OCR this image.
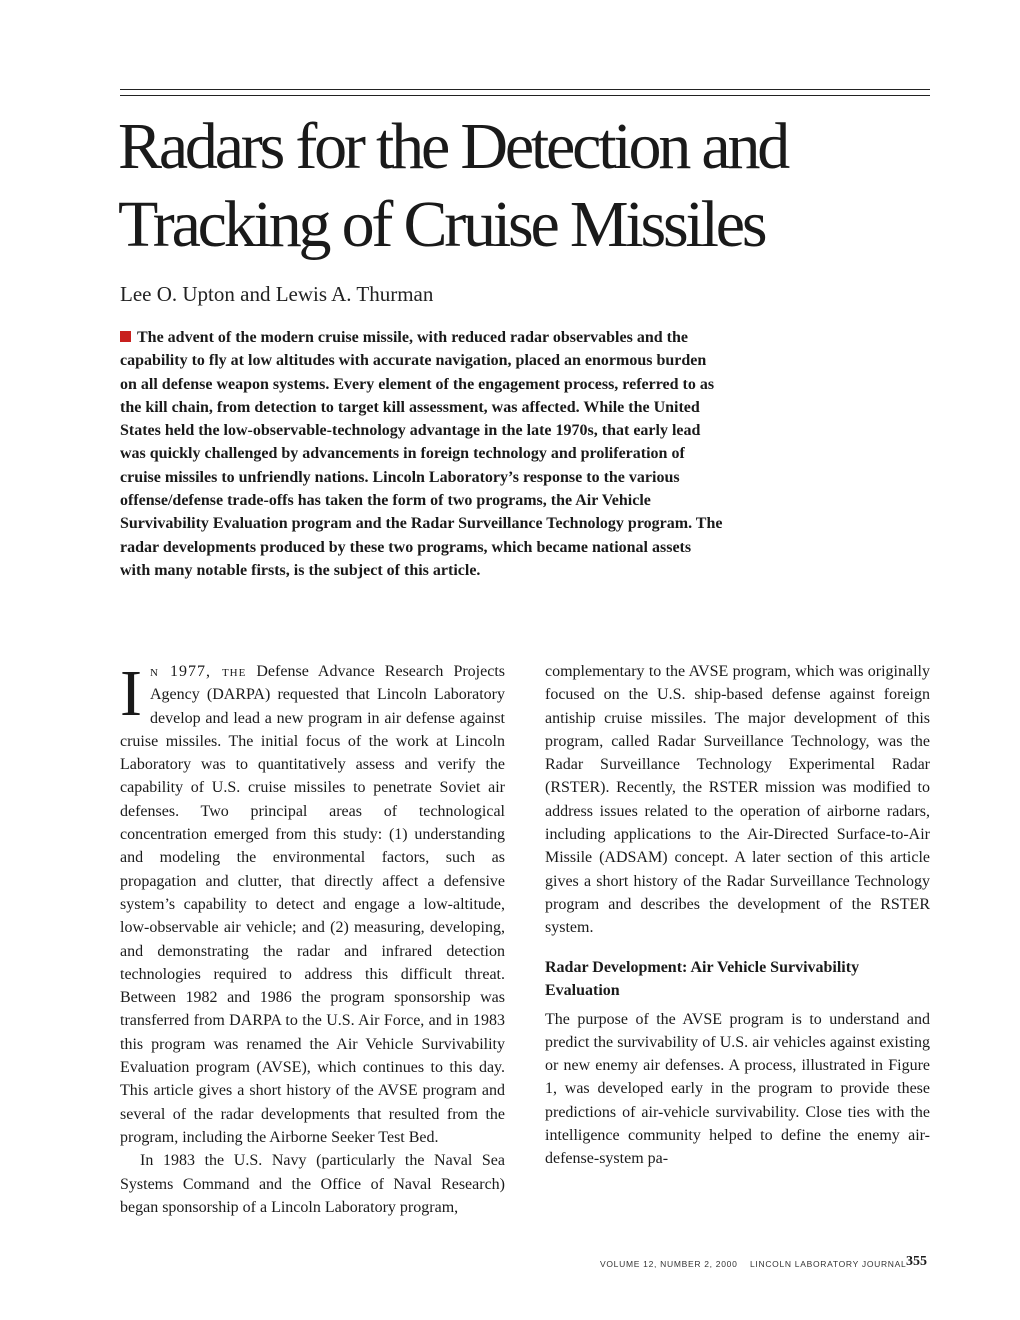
Radars for the Detection and
Tracking of Cruise Missiles

Lee O. Upton and Lewis A. Thurman

The advent of the modern cruise missile, with reduced radar observables and the capability to fly at low altitudes with accurate navigation, placed an enormous burden on all defense weapon systems. Every element of the engagement process, referred to as the kill chain, from detection to target kill assessment, was affected. While the United States held the low-observable-technology advantage in the late 1970s, that early lead was quickly challenged by advancements in foreign technology and proliferation of cruise missiles to unfriendly nations. Lincoln Laboratory’s response to the various offense/defense trade-offs has taken the form of two programs, the Air Vehicle Survivability Evaluation program and the Radar Surveillance Technology program. The radar developments produced by these two programs, which became national assets with many notable firsts, is the subject of this article.

In 1977, the Defense Advance Research Projects Agency (DARPA) requested that Lincoln Laboratory develop and lead a new program in air defense against cruise missiles. The initial focus of the work at Lincoln Laboratory was to quantitatively assess and verify the capability of U.S. cruise missiles to penetrate Soviet air defenses. Two principal areas of technological concentration emerged from this study: (1) understanding and modeling the environmental factors, such as propagation and clutter, that directly affect a defensive system’s capability to detect and engage a low-altitude, low-observable air vehicle; and (2) measuring, developing, and demonstrating the radar and infrared detection technologies required to address this difficult threat. Between 1982 and 1986 the program sponsorship was transferred from DARPA to the U.S. Air Force, and in 1983 this program was renamed the Air Vehicle Survivability Evaluation program (AVSE), which continues to this day. This article gives a short history of the AVSE program and several of the radar developments that resulted from the program, including the Airborne Seeker Test Bed.

In 1983 the U.S. Navy (particularly the Naval Sea Systems Command and the Office of Naval Research) began sponsorship of a Lincoln Laboratory program,

complementary to the AVSE program, which was originally focused on the U.S. ship-based defense against foreign antiship cruise missiles. The major development of this program, called Radar Surveillance Technology, was the Radar Surveillance Technology Experimental Radar (RSTER). Recently, the RSTER mission was modified to address issues related to the operation of airborne radars, including applications to the Air-Directed Surface-to-Air Missile (ADSAM) concept. A later section of this article gives a short history of the Radar Surveillance Technology program and describes the development of the RSTER system.

Radar Development: Air Vehicle Survivability Evaluation

The purpose of the AVSE program is to understand and predict the survivability of U.S. air vehicles against existing or new enemy air defenses. A process, illustrated in Figure 1, was developed early in the program to provide these predictions of air-vehicle survivability. Close ties with the intelligence community helped to define the enemy air-defense-system pa-

VOLUME 12, NUMBER 2, 2000 LINCOLN LABORATORY JOURNAL 355
